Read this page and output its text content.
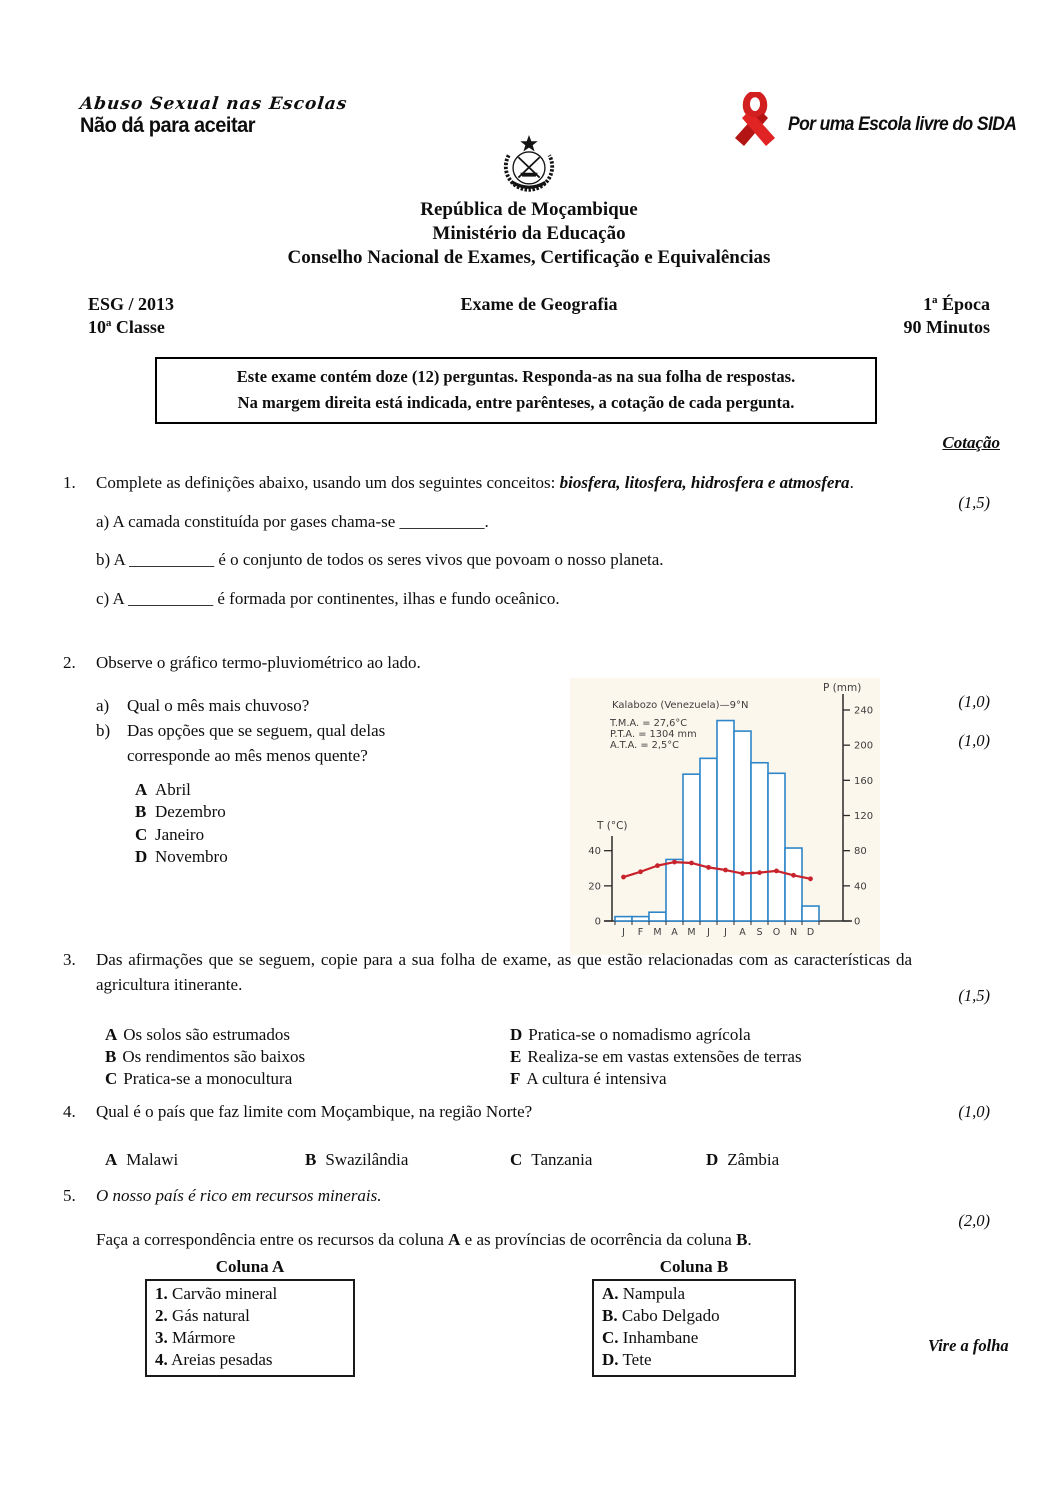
Abuso Sexual nas Escolas
Não dá para aceitar	Por uma Escola livre do SIDA
República de Moçambique
Ministério da Educação
Conselho Nacional de Exames, Certificação e Equivalências
ESG / 2013	Exame de Geografia	1ª Época
10ª Classe	90 Minutos
Este exame contém doze (12) perguntas. Responda-as na sua folha de respostas.
Na margem direita está indicada, entre parênteses, a cotação de cada pergunta.
Cotação
(1,5)
(1,0)
(1,0)
(1,5)
(1,0)
(2,0)
1.	Complete as definições abaixo, usando um dos seguintes conceitos: biosfera, litosfera, hidrosfera e atmosfera.
a) A camada constituída por gases chama-se __________.
b) A __________ é o conjunto de todos os seres vivos que povoam o nosso planeta.
c) A __________ é formada por continentes, ilhas e fundo oceânico.
2.	Observe o gráfico termo-pluviométrico ao lado.
a)	Qual o mês mais chuvoso?
b) Das opções que se seguem, qual delas corresponde ao mês menos quente?
A Abril
B Dezembro
C Janeiro
D Novembro
0
40
80
120
160
200
240
0
20
40
J F M A M J J A S O N D
P (mm)
T (°C)
Kalabozo (Venezuela)—9°N
T.M.A. = 27,6°C
P.T.A. = 1304 mm
A.T.A. = 2,5°C
3.	Das afirmações que se seguem, copie para a sua folha de exame, as que estão relacionadas com as características da agricultura itinerante.
A Os solos são estrumados	D Pratica-se o nomadismo agrícola
B Os rendimentos são baixos	E Realiza-se em vastas extensões de terras
C Pratica-se a monocultura	F A cultura é intensiva
4.	Qual é o país que faz limite com Moçambique, na região Norte?
A Malawi	B Swazilândia	C Tanzania	D Zâmbia
5.	O nosso país é rico em recursos minerais.
Faça a correspondência entre os recursos da coluna A e as províncias de ocorrência da coluna B.
Coluna A
1. Carvão mineral
2. Gás natural
3. Mármore
4. Areias pesadas
Coluna B
A. Nampula
B. Cabo Delgado
C. Inhambane
D. Tete
Vire a folha
